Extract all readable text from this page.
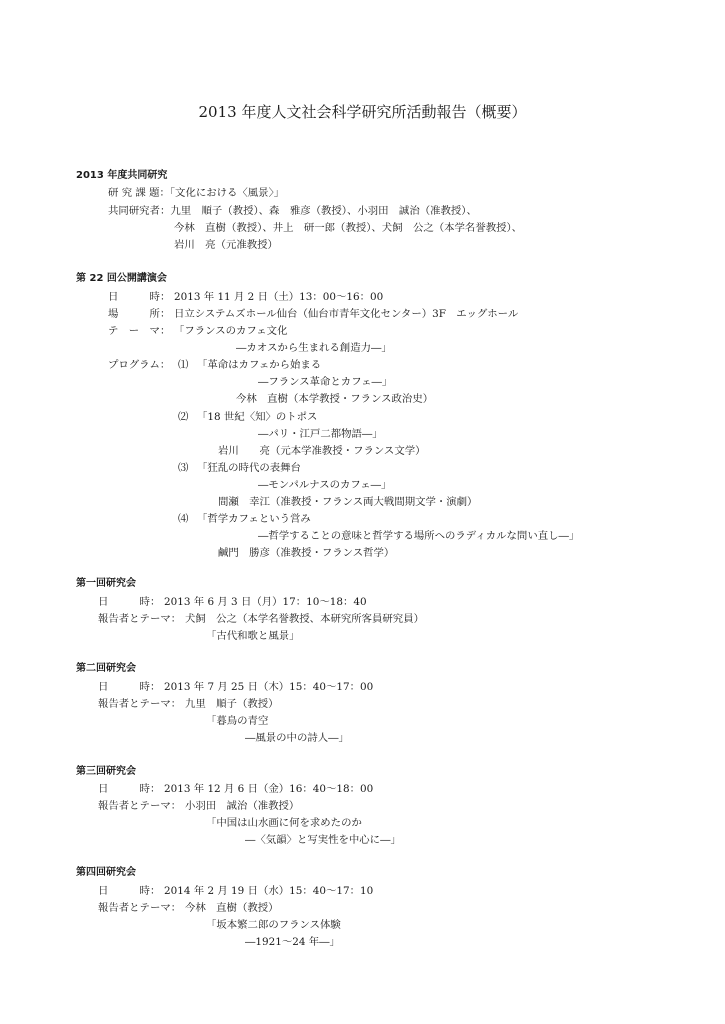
2013 年度人文社会科学研究所活動報告（概要）
2013 年度共同研究
研 究 課 題：「文化における〈風景〉」
共同研究者：九里　順子（教授）、森　雅彦（教授）、小羽田　誠治（准教授）、
今林　直樹（教授）、井上　研一郎（教授）、犬飼　公之（本学名誉教授）、
岩川　亮（元准教授）
第 22 回公開講演会
日　　　時： 2013 年 11 月 2 日（土）13：00～16：00
場　　　所： 日立システムズホール仙台（仙台市青年文化センター）3F　エッグホール
テ　ー　マ： 「フランスのカフェ文化
―カオスから生まれる創造力―」
プログラム： ⑴ 「革命はカフェから始まる
―フランス革命とカフェ―」
今林　直樹（本学教授・フランス政治史）
⑵ 「18 世紀〈知〉のトポス
―パリ・江戸二都物語―」
岩川　　亮（元本学准教授・フランス文学）
⑶ 「狂乱の時代の表舞台
―モンパルナスのカフェ―」
間瀬　幸江（准教授・フランス両大戦間期文学・演劇）
⑷ 「哲学カフェという営み
―哲学することの意味と哲学する場所へのラディカルな問い直し―」
鹹門　勝彦（准教授・フランス哲学）
第一回研究会
日　　　時： 2013 年 6 月 3 日（月）17：10～18：40
報告者とテーマ： 犬飼　公之（本学名誉教授、本研究所客員研究員）
「古代和歌と風景」
第二回研究会
日　　　時： 2013 年 7 月 25 日（木）15：40～17：00
報告者とテーマ： 九里　順子（教授）
「暮鳥の青空
―風景の中の詩人―」
第三回研究会
日　　　時： 2013 年 12 月 6 日（金）16：40～18：00
報告者とテーマ： 小羽田　誠治（准教授）
「中国は山水画に何を求めたのか
―〈気韻〉と写実性を中心に―」
第四回研究会
日　　　時： 2014 年 2 月 19 日（水）15：40～17：10
報告者とテーマ： 今林　直樹（教授）
「坂本繁二郎のフランス体験
―1921～24 年―」
